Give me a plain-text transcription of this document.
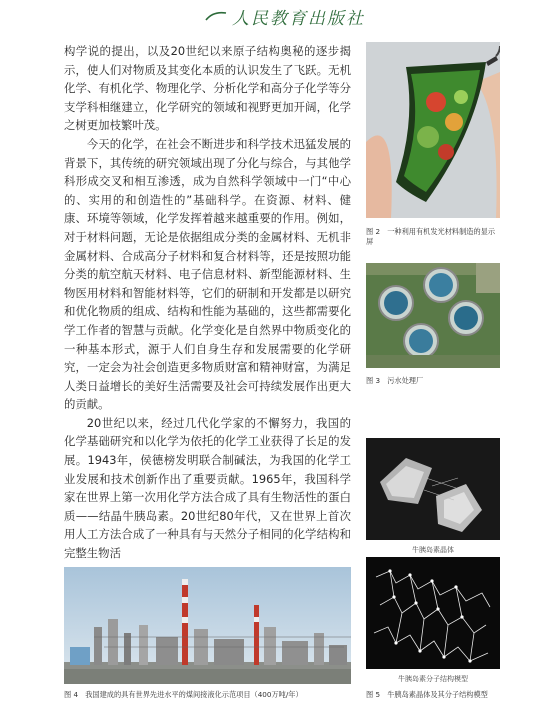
人民教育出版社

构学说的提出，以及20世纪以来原子结构奥秘的逐步揭示，使人们对物质及其变化本质的认识发生了飞跃。无机化学、有机化学、物理化学、分析化学和高分子化学等分支学科相继建立，化学研究的领域和视野更加开阔，化学之树更加枝繁叶茂。

今天的化学，在社会不断进步和科学技术迅猛发展的背景下，其传统的研究领域出现了分化与综合，与其他学科形成交叉和相互渗透，成为自然科学领域中一门“中心的、实用的和创造性的”基础科学。在资源、材料、健康、环境等领域，化学发挥着越来越重要的作用。例如，对于材料问题，无论是依据组成分类的金属材料、无机非金属材料、合成高分子材料和复合材料等，还是按照功能分类的航空航天材料、电子信息材料、新型能源材料、生物医用材料和智能材料等，它们的研制和开发都是以研究和优化物质的组成、结构和性能为基础的，这些都需要化学工作者的智慧与贡献。化学变化是自然界中物质变化的一种基本形式，源于人们自身生存和发展需要的化学研究，一定会为社会创造更多物质财富和精神财富，为满足人类日益增长的美好生活需要及社会可持续发展作出更大的贡献。

20世纪以来，经过几代化学家的不懈努力，我国的化学基础研究和以化学为依托的化学工业获得了长足的发展。1943年，侯德榜发明联合制碱法，为我国的化学工业发展和技术创新作出了重要贡献。1965年，我国科学家在世界上第一次用化学方法合成了具有生物活性的蛋白质——结晶牛胰岛素。20世纪80年代，又在世界上首次用人工方法合成了一种具有与天然分子相同的化学结构和完整生物活

图 2　一种利用有机发光材料制造的显示屏
图 3　污水处理厂
牛胰岛素晶体
牛胰岛素分子结构模型
图 4　我国建成的具有世界先进水平的煤间接液化示范项目（400万吨/年）	图 5　牛胰岛素晶体及其分子结构模型
